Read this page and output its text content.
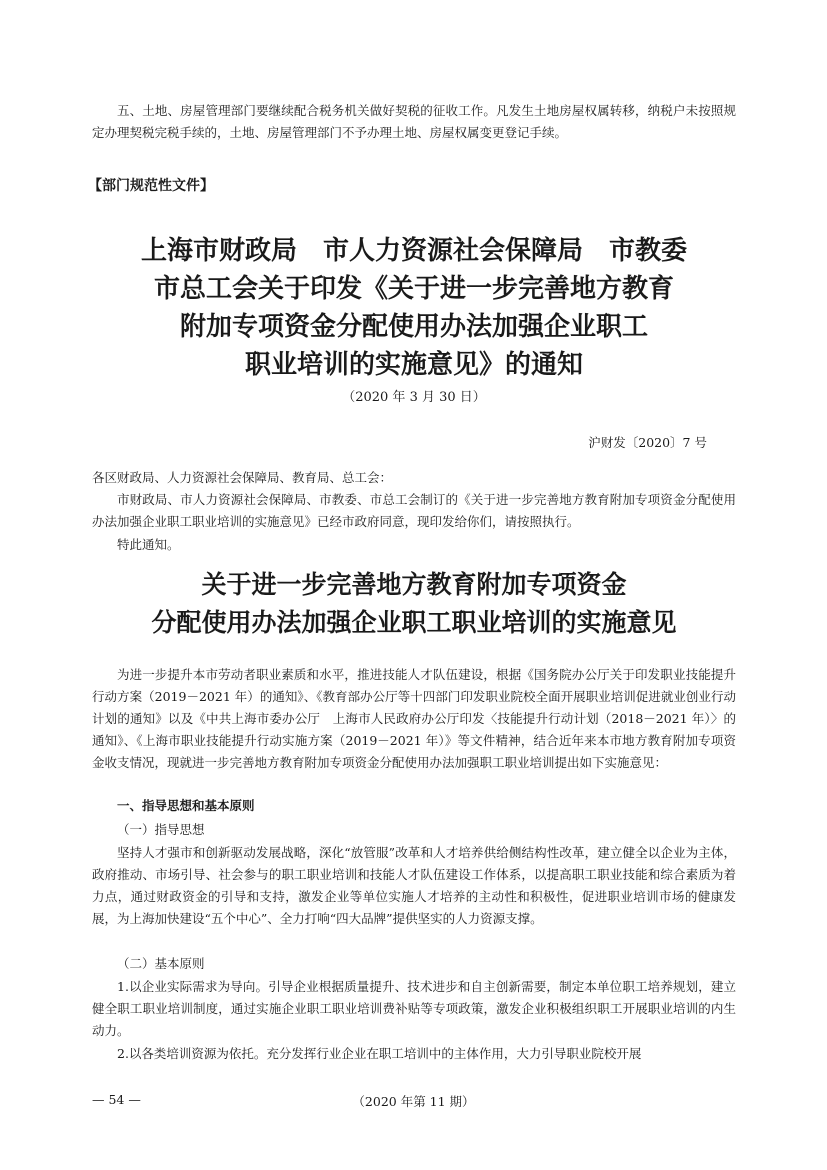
五、土地、房屋管理部门要继续配合税务机关做好契税的征收工作。凡发生土地房屋权属转移，纳税户未按照规定办理契税完税手续的，土地、房屋管理部门不予办理土地、房屋权属变更登记手续。

【部门规范性文件】

上海市财政局　市人力资源社会保障局　市教委
市总工会关于印发《关于进一步完善地方教育
附加专项资金分配使用办法加强企业职工
职业培训的实施意见》的通知

（2020 年 3 月 30 日）

沪财发〔2020〕7 号

各区财政局、人力资源社会保障局、教育局、总工会：

市财政局、市人力资源社会保障局、市教委、市总工会制订的《关于进一步完善地方教育附加专项资金分配使用办法加强企业职工职业培训的实施意见》已经市政府同意，现印发给你们，请按照执行。

特此通知。

关于进一步完善地方教育附加专项资金
分配使用办法加强企业职工职业培训的实施意见

为进一步提升本市劳动者职业素质和水平，推进技能人才队伍建设，根据《国务院办公厅关于印发职业技能提升行动方案（2019－2021 年）的通知》、《教育部办公厅等十四部门印发职业院校全面开展职业培训促进就业创业行动计划的通知》以及《中共上海市委办公厅　上海市人民政府办公厅印发〈技能提升行动计划（2018－2021 年）〉的通知》、《上海市职业技能提升行动实施方案（2019－2021 年）》等文件精神，结合近年来本市地方教育附加专项资金收支情况，现就进一步完善地方教育附加专项资金分配使用办法加强职工职业培训提出如下实施意见：

一、指导思想和基本原则

（一）指导思想

坚持人才强市和创新驱动发展战略，深化“放管服”改革和人才培养供给侧结构性改革，建立健全以企业为主体，政府推动、市场引导、社会参与的职工职业培训和技能人才队伍建设工作体系，以提高职工职业技能和综合素质为着力点，通过财政资金的引导和支持，激发企业等单位实施人才培养的主动性和积极性，促进职业培训市场的健康发展，为上海加快建设“五个中心”、全力打响“四大品牌”提供坚实的人力资源支撑。

（二）基本原则

1.以企业实际需求为导向。引导企业根据质量提升、技术进步和自主创新需要，制定本单位职工培养规划，建立健全职工职业培训制度，通过实施企业职工职业培训费补贴等专项政策，激发企业积极组织职工开展职业培训的内生动力。

2.以各类培训资源为依托。充分发挥行业企业在职工培训中的主体作用，大力引导职业院校开展

— 54 —	（2020 年第 11 期）
